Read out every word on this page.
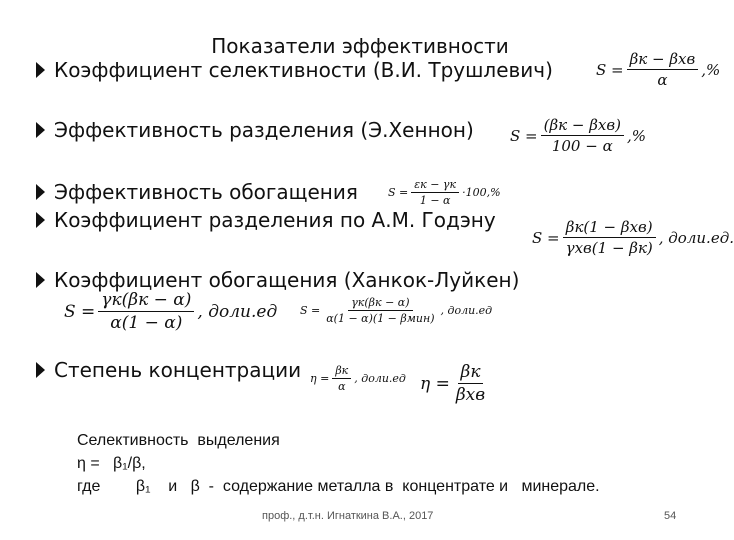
Показатели эффективности
Коэффициент селективности (В.И. Трушлевич)
Эффективность разделения (Э.Хеннон)
Эффективность обогащения
Коэффициент разделения по А.М. Годэну
Коэффициент обогащения (Ханкок-Луйкен)
Степень концентрации
$S = \frac{\text{βк − βхв}}{\alpha}$ ,%
$S = \frac{\text{(βк − βхв)}}{100 - \alpha}$ ,%
$S = \frac{\varepsilon к - \gamma к}{1 - \alpha} \cdot 100,\%$
$S = \frac{\text{βк(1 − βхв)}}{\text{γхв(1 − βк)}}$ , доли.ед.
$S = \frac{\gamma к(\beta к - \alpha)}{\alpha(1 - \alpha)}$ , доли.ед $S = \frac{\gamma к(\beta к - \alpha)}{\text{α(1 − α)(1 − βмин)}}$ , доли.ед
$\eta = \frac{\beta к}{\alpha}$ , доли.ед $\eta = \frac{\beta к}{\text{βхв}}$
Селективность  выделения
η =   β₁/β,
где        β₁    и   β  -  содержание металла в  концентрате и   минерале.
проф., д.т.н. Игнаткина В.А., 2017	54
